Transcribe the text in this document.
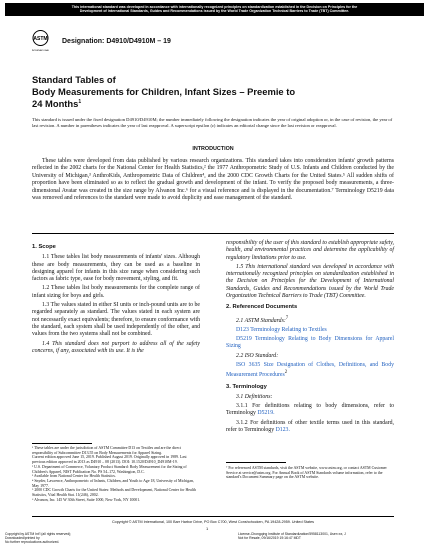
This international standard was developed in accordance with internationally recognized principles on standardization established in the Decision on Principles for the
Development of International Standards, Guides and Recommendations issued by the World Trade Organization Technical Barriers to Trade (TBT) Committee.
ASTM
INTERNATIONAL
Designation: D4910/D4910M – 19
Standard Tables of
Body Measurements for Children, Infant Sizes – Preemie to
24 Months$^1$
This standard is issued under the fixed designation D4910/D4910M; the number immediately following the designation indicates the year of original adoption or, in the case of revision, the year of last revision. A number in parentheses indicates the year of last reapproval. A superscript epsilon (ε) indicates an editorial change since the last revision or reapproval.
INTRODUCTION
These tables were developed from data published by various research organizations. This standard takes into consideration infants' growth patterns reflected in the 2002 charts for the National Center for Health Statistics,² the 1977 Anthropometric Study of U.S. Infants and Children conducted by the University of Michigan,³ AnthroKids, Anthropometric Data of Children⁴, and the 2000 CDC Growth Charts for the United States.⁵ All sudden shifts of proportion have been eliminated so as to reflect the gradual growth and development of the infant. To verify the proposed body measurements, a three-dimensional Avatar was created in the size range by Alvanon Inc.⁶ for a visual reference and is displayed in the documentation.⁷ Terminology D5219 data was removed and references to the standard were made to avoid duplicity and ease management of the standard.
1. Scope

1.1 These tables list body measurements of infants' sizes. Although these are body measurements, they can be used as a baseline in designing apparel for infants in this size range when considering such factors as fabric type, ease for body movement, styling, and fit.

1.2 These tables list body measurements for the complete range of infant sizing for boys and girls.

1.3 The values stated in either SI units or inch-pound units are to be regarded separately as standard. The values stated in each system are not necessarily exact equivalents; therefore, to ensure conformance with the standard, each system shall be used independently of the other, and values from the two systems shall not be combined.

1.4 This standard does not purport to address all of the safety concerns, if any, associated with its use. It is the

responsibility of the user of this standard to establish appropriate safety, health, and environmental practices and determine the applicability of regulatory limitations prior to use.

1.5 This international standard was developed in accordance with internationally recognized principles on standardization established in the Decision on Principles for the Development of International Standards, Guides and Recommendations issued by the World Trade Organization Technical Barriers to Trade (TBT) Committee.

2. Referenced Documents

2.1 ASTM Standards:$^7$

D123 Terminology Relating to Textiles

D5219 Terminology Relating to Body Dimensions for Apparel Sizing

2.2 ISO Standard:

ISO 3635 Size Designation of Clothes, Definitions, and Body Measurement Procedures$^2$

3. Terminology

3.1 Definitions:

3.1.1 For definitions relating to body dimensions, refer to Terminology D5219.

3.1.2 For definitions of other textile terms used in this standard, refer to Terminology D123.

¹ These tables are under the jurisdiction of ASTM Committee D13 on Textiles and are the direct responsibility of Subcommittee D13.55 on Body Measurements for Apparel Sizing.

Current edition approved June 15, 2019. Published August 2019. Originally approved in 1989. Last previous edition approved in 2013 as D4910 – 08 (2013). DOI: 10.1520/D4910_D4910M-19.

² U.S. Department of Commerce, Voluntary Product Standard: Body Measurement for the Sizing of Children's Apparel, NIST Publication No. PS 54–172, Washington, D.C.

³ Available from National Center for Health Statistics.

⁴ Snyder, Lawrence, Anthropometric of Infants, Children, and Youth to Age 18, University of Michigan, May 1977.

⁵ 2000 CDC Growth Charts for the United States: Methods and Development, National Center for Health Statistics, Vital Health Stat. 11(246), 2002.

⁶ Alvanon, Inc. 145 W 30th Street, Suite 1000, New York, NY 10001.

⁷ For referenced ASTM standards, visit the ASTM website, www.astm.org, or contact ASTM Customer Service at service@astm.org. For Annual Book of ASTM Standards volume information, refer to the standard's Document Summary page on the ASTM website.

Copyright © ASTM International, 100 Barr Harbor Drive, PO Box C700, West Conshohocken, PA 19428-2959. United States
1
Copyright by ASTM Int'l (all rights reserved);
Downloaded/printed by
No further reproductions authorized.
License-Chongqing Institute of Standardization/5958113001, User=xx, J
Not for Resale, 09/16/2019 19:16:47 MDT
